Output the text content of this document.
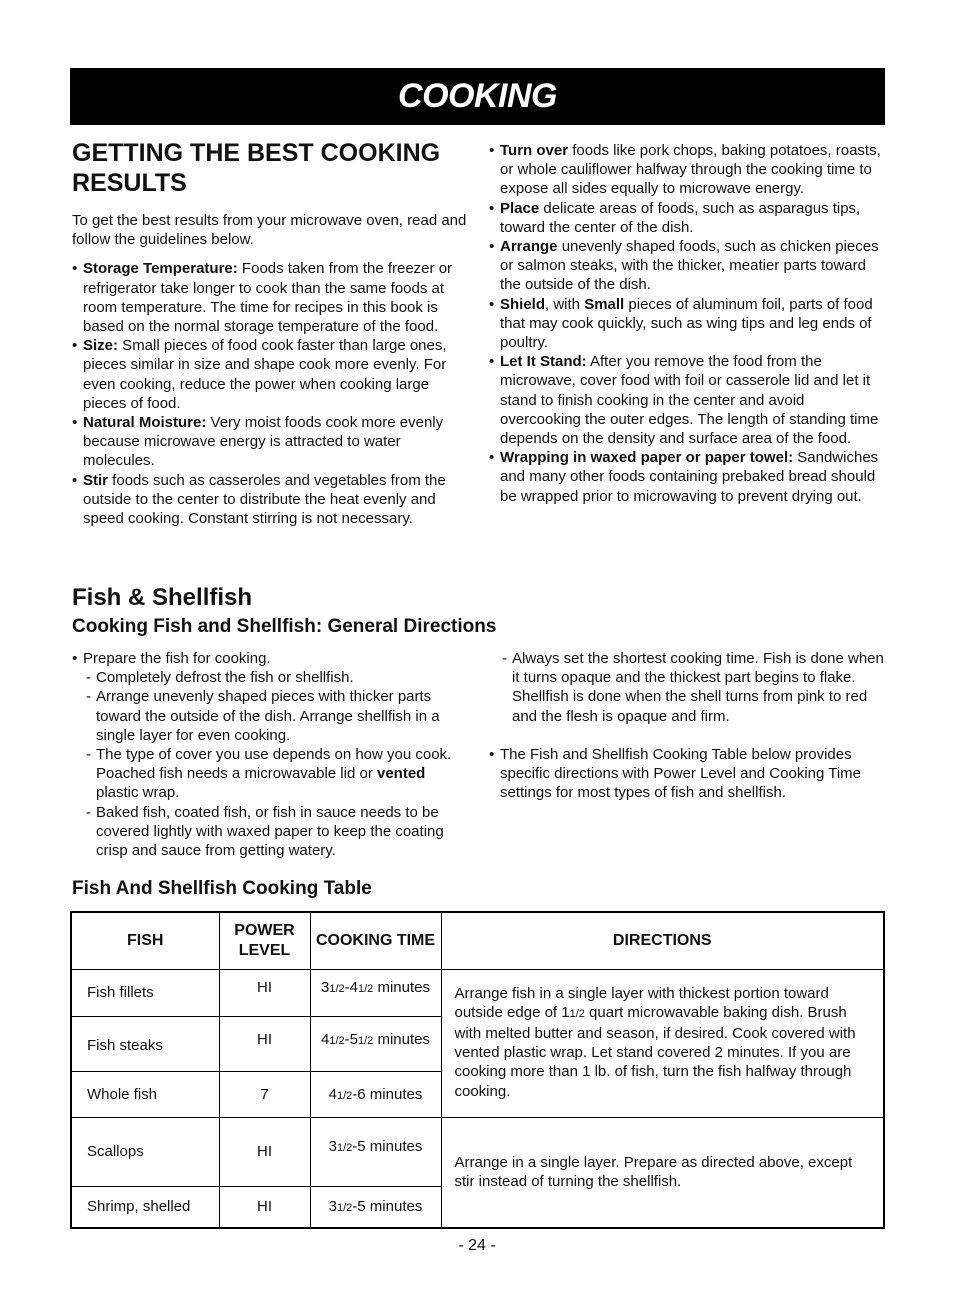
COOKING
GETTING THE BEST COOKING RESULTS

To get the best results from your microwave oven, read and follow the guidelines below.

• Storage Temperature: Foods taken from the freezer or refrigerator take longer to cook than the same foods at room temperature. The time for recipes in this book is based on the normal storage temperature of the food.
• Size: Small pieces of food cook faster than large ones, pieces similar in size and shape cook more evenly. For even cooking, reduce the power when cooking large pieces of food.
• Natural Moisture: Very moist foods cook more evenly because microwave energy is attracted to water molecules.
• Stir foods such as casseroles and vegetables from the outside to the center to distribute the heat evenly and speed cooking. Constant stirring is not necessary.
• Turn over foods like pork chops, baking potatoes, roasts, or whole cauliflower halfway through the cooking time to expose all sides equally to microwave energy.
• Place delicate areas of foods, such as asparagus tips, toward the center of the dish.
• Arrange unevenly shaped foods, such as chicken pieces or salmon steaks, with the thicker, meatier parts toward the outside of the dish.
• Shield, with Small pieces of aluminum foil, parts of food that may cook quickly, such as wing tips and leg ends of poultry.
• Let It Stand: After you remove the food from the microwave, cover food with foil or casserole lid and let it stand to finish cooking in the center and avoid overcooking the outer edges. The length of standing time depends on the density and surface area of the food.
• Wrapping in waxed paper or paper towel: Sandwiches and many other foods containing prebaked bread should be wrapped prior to microwaving to prevent drying out.
Fish & Shellfish
Cooking Fish and Shellfish: General Directions
• Prepare the fish for cooking.
- Completely defrost the fish or shellfish.
- Arrange unevenly shaped pieces with thicker parts toward the outside of the dish. Arrange shellfish in a single layer for even cooking.
- The type of cover you use depends on how you cook. Poached fish needs a microwavable lid or vented plastic wrap.
- Baked fish, coated fish, or fish in sauce needs to be covered lightly with waxed paper to keep the coating crisp and sauce from getting watery.
- Always set the shortest cooking time. Fish is done when it turns opaque and the thickest part begins to flake. Shellfish is done when the shell turns from pink to red and the flesh is opaque and firm.
• The Fish and Shellfish Cooking Table below provides specific directions with Power Level and Cooking Time settings for most types of fish and shellfish.
Fish And Shellfish Cooking Table
FISH	POWER LEVEL	COOKING TIME	DIRECTIONS
Fish fillets	HI	31/2-41/2 minutes	Arrange fish in a single layer with thickest portion toward outside edge of 11/2 quart microwavable baking dish. Brush with melted butter and season, if desired. Cook covered with vented plastic wrap. Let stand covered 2 minutes. If you are cooking more than 1 lb. of fish, turn the fish halfway through cooking.
Fish steaks	HI	41/2-51/2 minutes	
Whole fish	7	41/2-6 minutes	
Scallops	HI	31/2-5 minutes	Arrange in a single layer. Prepare as directed above, except stir instead of turning the shellfish.
Shrimp, shelled	HI	31/2-5 minutes	
- 24 -
